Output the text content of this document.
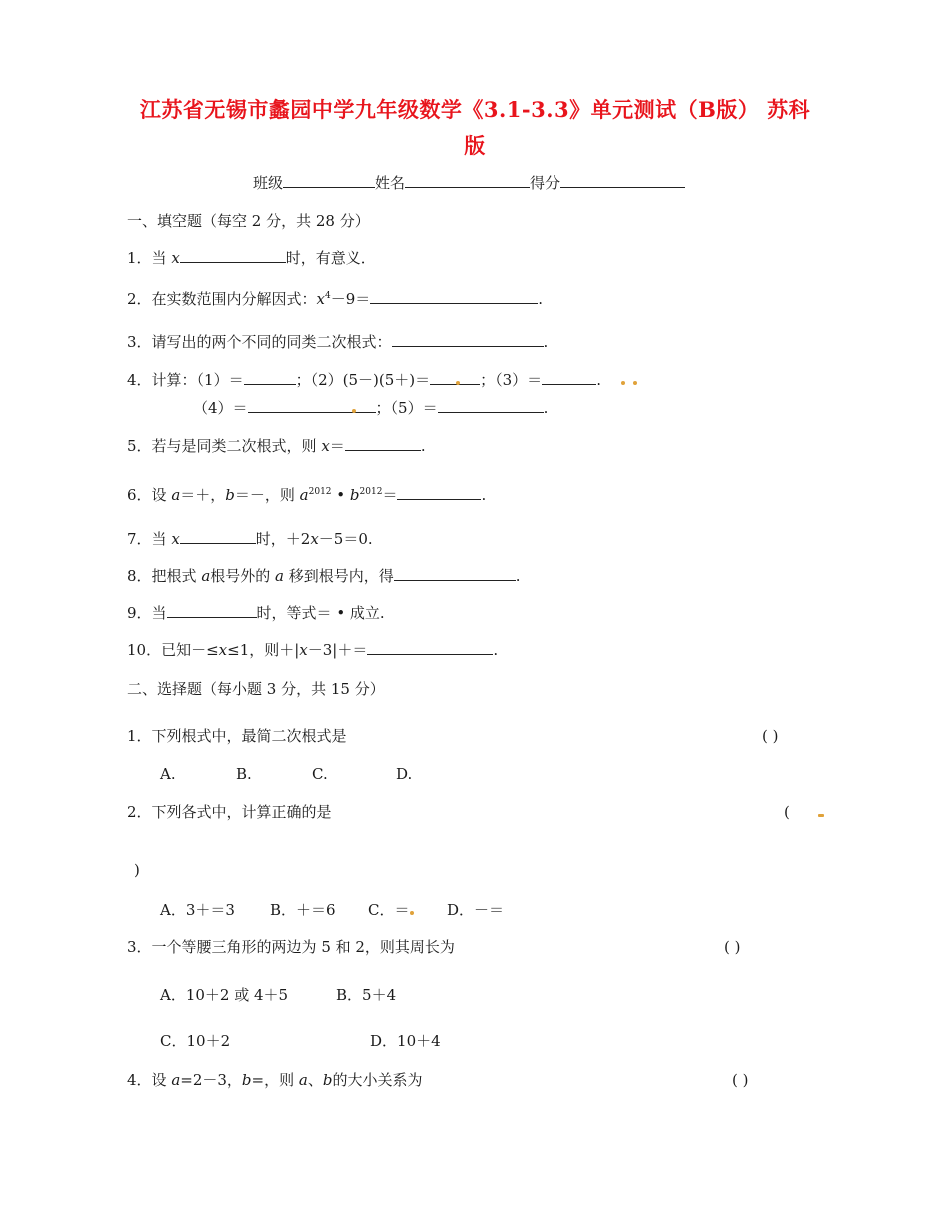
江苏省无锡市蠡园中学九年级数学《3.1-3.3》单元测试（B版） 苏科
版
班级	姓名	得分
一、填空题（每空 2 分，共 28 分）
1．当 x	时，有意义．
2．在实数范围内分解因式：$x^4-9=$	.
3．请写出的两个不同的同类二次根式：	.
4．计算：（1）＝	；（2）(5－)(5＋)＝	；（3）＝	.
（4）＝	；（5）＝	.
5．若与是同类二次根式，则 x＝	.
6．设 a＝＋，b＝－，则 $a^{2012}$ • $b^{2012}=$	.
7．当 x	时，＋2x－5＝0.
8．把根式 a根号外的 a 移到根号内，得	.
9．当	时，等式＝ • 成立.
10．已知－≤x≤1，则＋|x－3|＋＝	.
二、选择题（每小题 3 分，共 15 分）
1．下列根式中，最简二次根式是	( )
A.	B.	C.	D.
2．下列各式中，计算正确的是	(
)
A．3＋＝3 B．＋＝6 C．＝	D．－＝
3．一个等腰三角形的两边为 5 和 2，则其周长为	( )
A．10＋2 或 4＋5	B．5＋4
C．10＋2	D．10＋4
4．设 a=2－3，b=，则 a、b的大小关系为	( )
